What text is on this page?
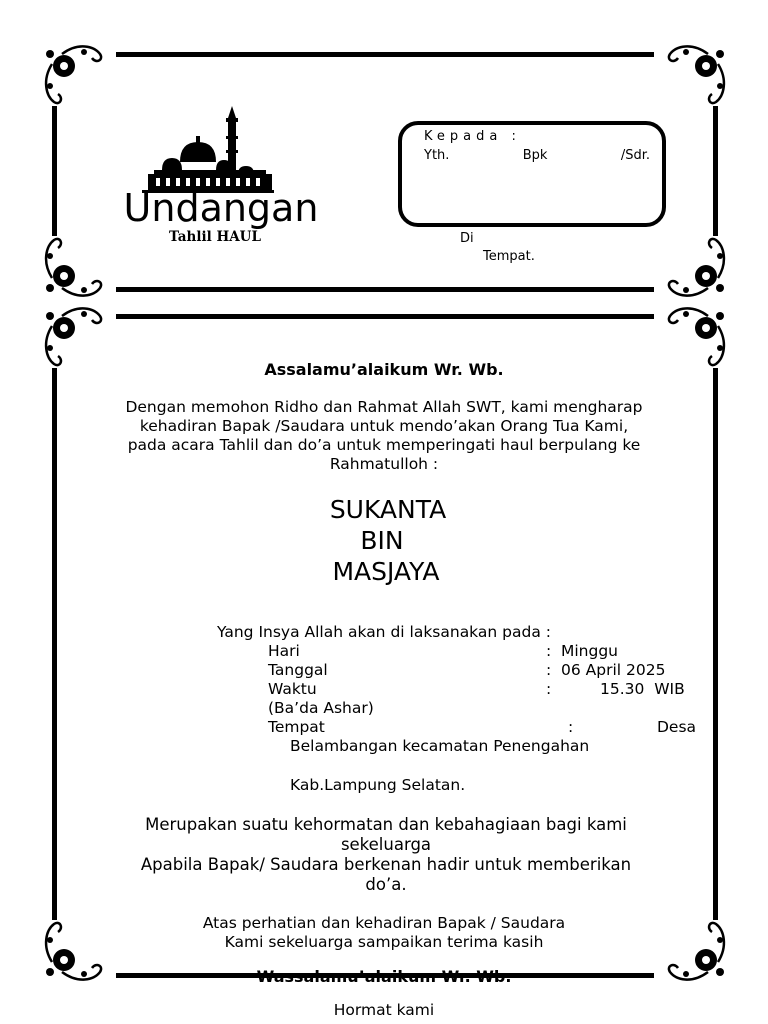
Undangan
Tahlil HAUL
Kepada :
Yth.	Bpk	/Sdr.
Di
Tempat.
Assalamu’alaikum Wr. Wb.
Dengan memohon Ridho dan Rahmat Allah SWT, kami mengharap
kehadiran Bapak /Saudara untuk mendo’akan Orang Tua Kami,
pada acara Tahlil dan do’a untuk memperingati haul berpulang ke
Rahmatulloh :
SUKANTA
BIN
MASJAYA
Yang Insya Allah akan di laksanakan pada :
Hari	: Minggu
Tanggal	: 06 April 2025
Waktu	:	15.30  WIB
(Ba’da Ashar)
Tempat	:	Desa
Belambangan kecamatan Penengahan
Kab.Lampung Selatan.
Merupakan suatu kehormatan dan kebahagiaan bagi kami
sekeluarga
Apabila Bapak/ Saudara berkenan hadir untuk memberikan
do’a.
Atas perhatian dan kehadiran Bapak / Saudara
Kami sekeluarga sampaikan terima kasih
Wassalamu’alaikum Wr. Wb.
Hormat kami
